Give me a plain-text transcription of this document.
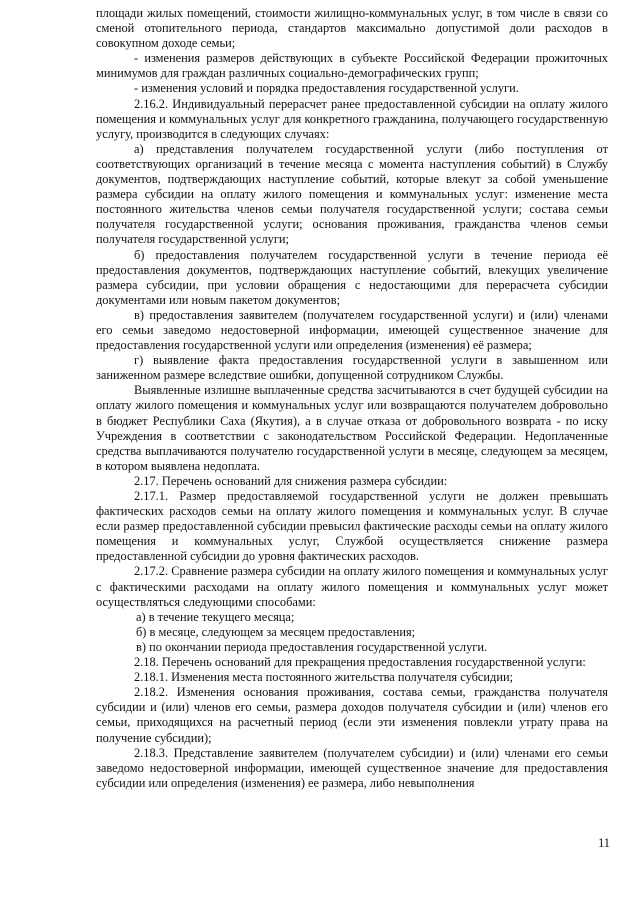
площади жилых помещений, стоимости жилищно-коммунальных услуг, в том числе в связи со сменой отопительного периода, стандартов максимально допустимой доли расходов в совокупном доходе семьи;

- изменения размеров действующих в субъекте Российской Федерации прожиточных минимумов для граждан различных социально-демографических групп;

- изменения условий и порядка предоставления государственной услуги.

2.16.2. Индивидуальный перерасчет ранее предоставленной субсидии на оплату жилого помещения и коммунальных услуг для конкретного гражданина, получающего государственную услугу, производится в следующих случаях:

а) представления получателем государственной услуги (либо поступления от соответствующих организаций в течение месяца с момента наступления событий) в Службу документов, подтверждающих наступление событий, которые влекут за собой уменьшение размера субсидии на оплату жилого помещения и коммунальных услуг: изменение места постоянного жительства членов семьи получателя государственной услуги; состава семьи получателя государственной услуги; основания проживания, гражданства членов семьи получателя государственной услуги;

б) предоставления получателем государственной услуги в течение периода её предоставления документов, подтверждающих наступление событий, влекущих увеличение размера субсидии, при условии обращения с недостающими для перерасчета субсидии документами или новым пакетом документов;

в) предоставления заявителем (получателем государственной услуги) и (или) членами его семьи заведомо недостоверной информации, имеющей существенное значение для предоставления государственной услуги или определения (изменения) её размера;

г) выявление факта предоставления государственной услуги в завышенном или заниженном размере вследствие ошибки, допущенной сотрудником Службы.

Выявленные излишне выплаченные средства засчитываются в счет будущей субсидии на оплату жилого помещения и коммунальных услуг или возвращаются получателем добровольно в бюджет Республики Саха (Якутия), а в случае отказа от добровольного возврата - по иску Учреждения в соответствии с законодательством Российской Федерации. Недоплаченные средства выплачиваются получателю государственной услуги в месяце, следующем за месяцем, в котором выявлена недоплата.

2.17. Перечень оснований для снижения размера субсидии:

2.17.1. Размер предоставляемой государственной услуги не должен превышать фактических расходов семьи на оплату жилого помещения и коммунальных услуг. В случае если размер предоставленной субсидии превысил фактические расходы семьи на оплату жилого помещения и коммунальных услуг, Службой осуществляется снижение размера предоставленной субсидии до уровня фактических расходов.

2.17.2. Сравнение размера субсидии на оплату жилого помещения и коммунальных услуг с фактическими расходами на оплату жилого помещения и коммунальных услуг может осуществляться следующими способами:

а) в течение текущего месяца;

б) в месяце, следующем за месяцем предоставления;

в) по окончании периода предоставления государственной услуги.

2.18. Перечень оснований для прекращения предоставления государственной услуги:

2.18.1. Изменения места постоянного жительства получателя субсидии;

2.18.2. Изменения основания проживания, состава семьи, гражданства получателя субсидии и (или) членов его семьи, размера доходов получателя субсидии и (или) членов его семьи, приходящихся на расчетный период (если эти изменения повлекли утрату права на получение субсидии);

2.18.3. Представление заявителем (получателем субсидии) и (или) членами его семьи заведомо недостоверной информации, имеющей существенное значение для предоставления субсидии или определения (изменения) ее размера, либо невыполнения

11
